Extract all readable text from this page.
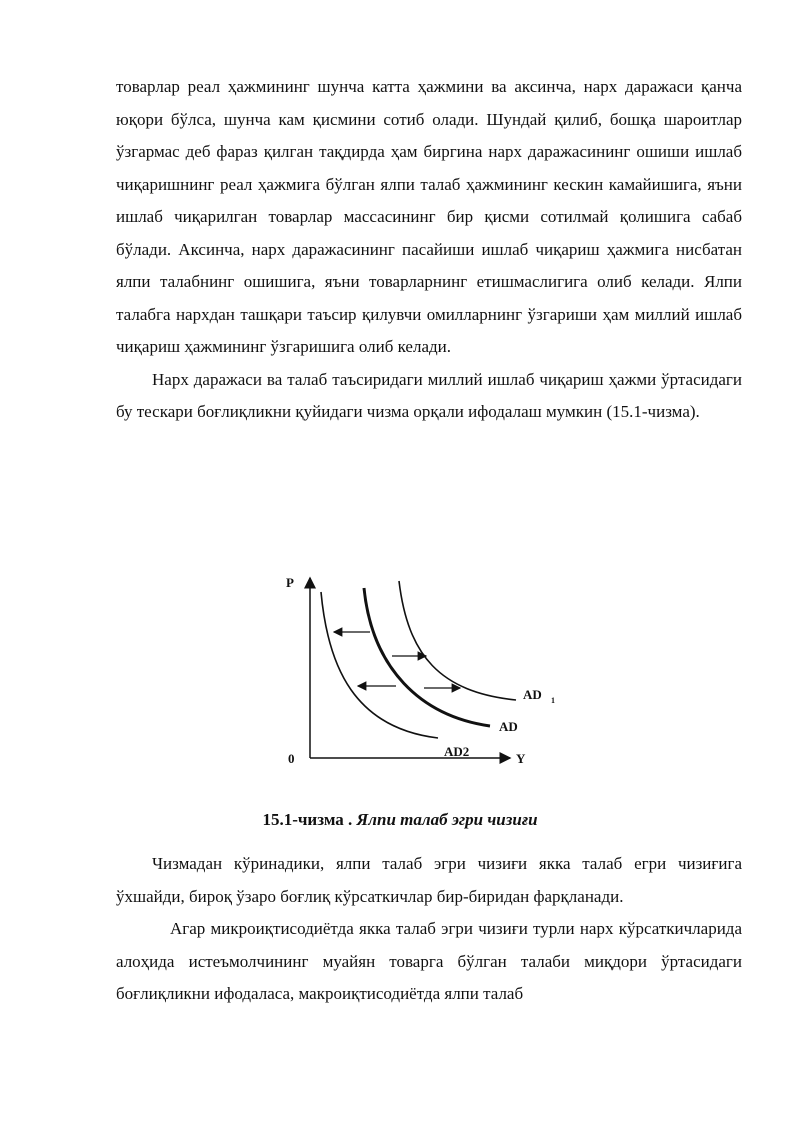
товарлар реал ҳажмининг шунча катта ҳажмини ва аксинча, нарх даражаси қанча юқори бўлса, шунча кам қисмини сотиб олади. Шундай қилиб, бошқа шароитлар ўзгармас деб фараз қилган тақдирда ҳам биргина нарх даражасининг ошиши ишлаб чиқаришнинг реал ҳажмига бўлган ялпи талаб ҳажмининг кескин камайишига, яъни ишлаб чиқарилган товарлар массасининг бир қисми сотилмай қолишига сабаб бўлади. Аксинча, нарх даражасининг пасайиши ишлаб чиқариш ҳажмига нисбатан ялпи талабнинг ошишига, яъни товарларнинг етишмаслигига олиб келади. Ялпи талабга нархдан ташқари таъсир қилувчи омилларнинг ўзгариши ҳам миллий ишлаб чиқариш ҳажмининг ўзгаришига олиб келади.

Нарх даражаси ва талаб таъсиридаги миллий ишлаб чиқариш ҳажми ўртасидаги бу тескари боғлиқликни қуйидаги чизма орқали ифодалаш мумкин (15.1-чизма).

P
Y
0
AD 1
AD
AD2

15.1-чизма . Ялпи талаб эгри чизиғи

Чизмадан кўринадики, ялпи талаб эгри чизиғи якка талаб егри чизиғига ўхшайди, бироқ ўзаро боғлиқ кўрсаткичлар бир-биридан фарқланади.

Агар микроиқтисодиётда якка талаб эгри чизиғи турли нарх кўрсаткичларида алоҳида истеъмолчининг муайян товарга бўлган талаби миқдори ўртасидаги боғлиқликни ифодаласа, макроиқтисодиётда ялпи талаб
